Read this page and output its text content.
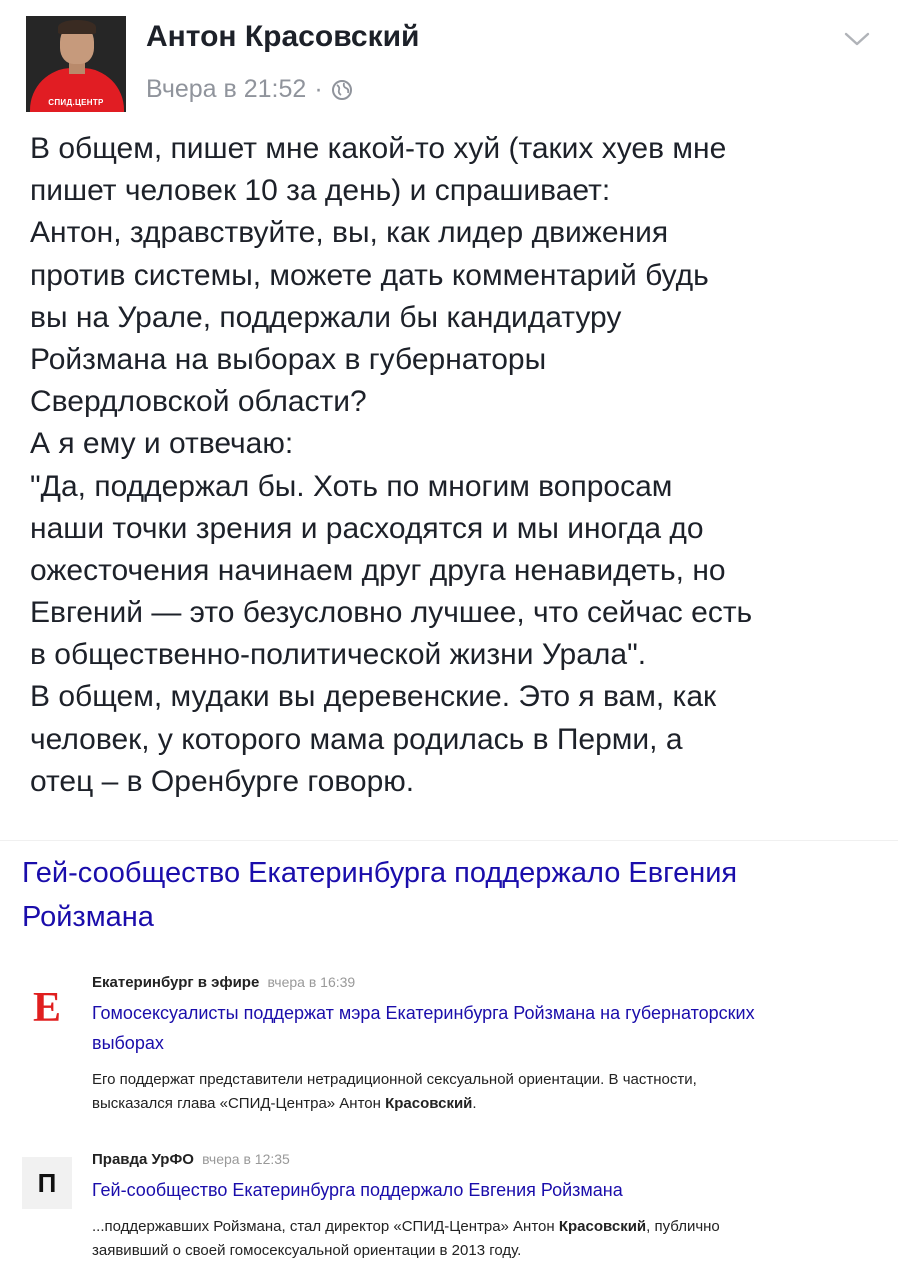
СПИД.ЦЕНТР
Антон Красовский
Вчера в 21:52 ·
В общем, пишет мне какой-то хуй (таких хуев мне
пишет человек 10 за день) и спрашивает:
Антон, здравствуйте, вы, как лидер движения
против системы, можете дать комментарий будь
вы на Урале, поддержали бы кандидатуру
Ройзмана на выборах в губернаторы
Свердловской области?
А я ему и отвечаю:
"Да, поддержал бы. Хоть по многим вопросам
наши точки зрения и расходятся и мы иногда до
ожесточения начинаем друг друга ненавидеть, но
Евгений — это безусловно лучшее, что сейчас есть
в общественно-политической жизни Урала".
В общем, мудаки вы деревенские. Это я вам, как
человек, у которого мама родилась в Перми, а
отец – в Оренбурге говорю.
Гей-сообщество Екатеринбурга поддержало Евгения
Ройзмана
E
Екатеринбург в эфире вчера в 16:39
Гомосексуалисты поддержат мэра Екатеринбурга Ройзмана на губернаторских
выборах
Его поддержат представители нетрадиционной сексуальной ориентации. В частности,
высказался глава «СПИД-Центра» Антон Красовский.
П
Правда УрФО вчера в 12:35
Гей-сообщество Екатеринбурга поддержало Евгения Ройзмана
...поддержавших Ройзмана, стал директор «СПИД-Центра» Антон Красовский, публично
заявивший о своей гомосексуальной ориентации в 2013 году.
